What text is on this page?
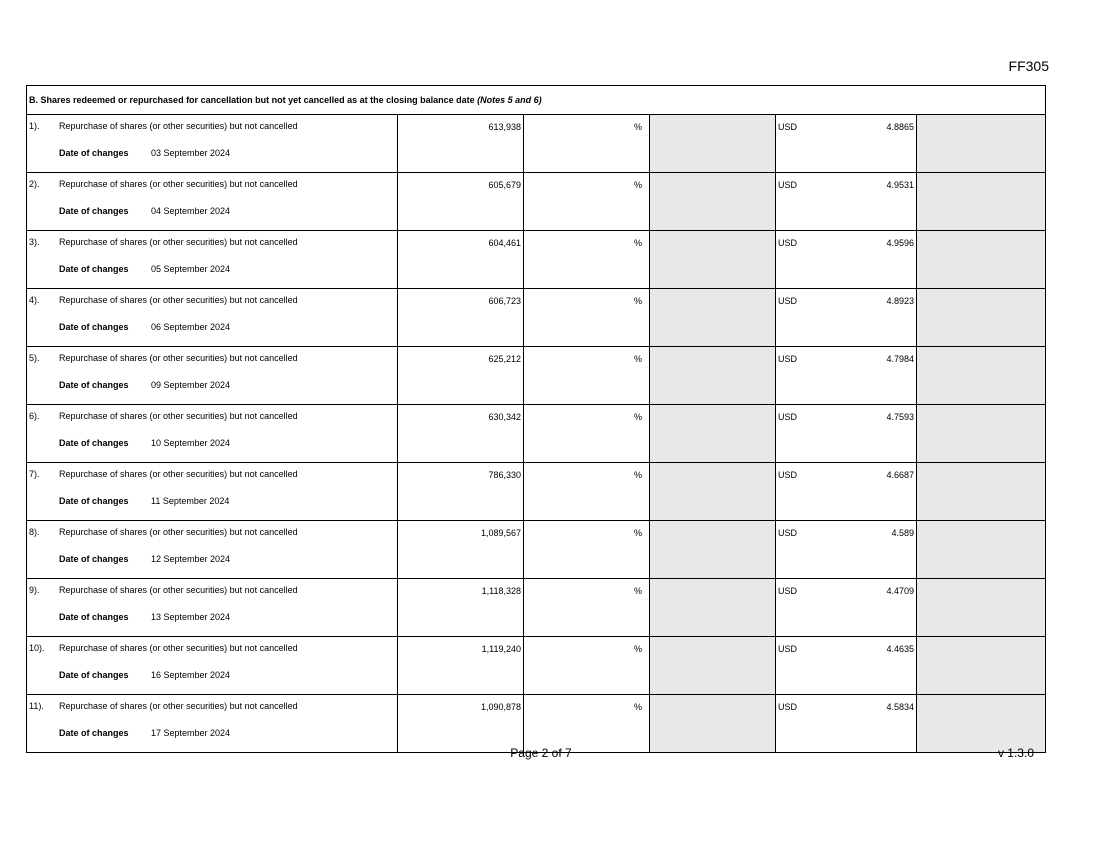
FF305
B. Shares redeemed or repurchased for cancellation but not yet cancelled as at the closing balance date (Notes 5 and 6)					

1). Repurchase of shares (or other securities) but not cancelled
Date of changes 03 September 2024	613,938	%		USD 4.8865	

2). Repurchase of shares (or other securities) but not cancelled
Date of changes 04 September 2024	605,679	%		USD 4.9531	

3). Repurchase of shares (or other securities) but not cancelled
Date of changes 05 September 2024	604,461	%		USD 4.9596	

4). Repurchase of shares (or other securities) but not cancelled
Date of changes 06 September 2024	606,723	%		USD 4.8923	

5). Repurchase of shares (or other securities) but not cancelled
Date of changes 09 September 2024	625,212	%		USD 4.7984	

6). Repurchase of shares (or other securities) but not cancelled
Date of changes 10 September 2024	630,342	%		USD 4.7593	

7). Repurchase of shares (or other securities) but not cancelled
Date of changes 11 September 2024	786,330	%		USD 4.6687	

8). Repurchase of shares (or other securities) but not cancelled
Date of changes 12 September 2024	1,089,567	%		USD 4.589	

9). Repurchase of shares (or other securities) but not cancelled
Date of changes 13 September 2024	1,118,328	%		USD 4.4709	

10). Repurchase of shares (or other securities) but not cancelled
Date of changes 16 September 2024	1,119,240	%		USD 4.4635	

11). Repurchase of shares (or other securities) but not cancelled
Date of changes 17 September 2024	1,090,878	%		USD 4.5834	

Page 2 of 7	v 1.3.0
